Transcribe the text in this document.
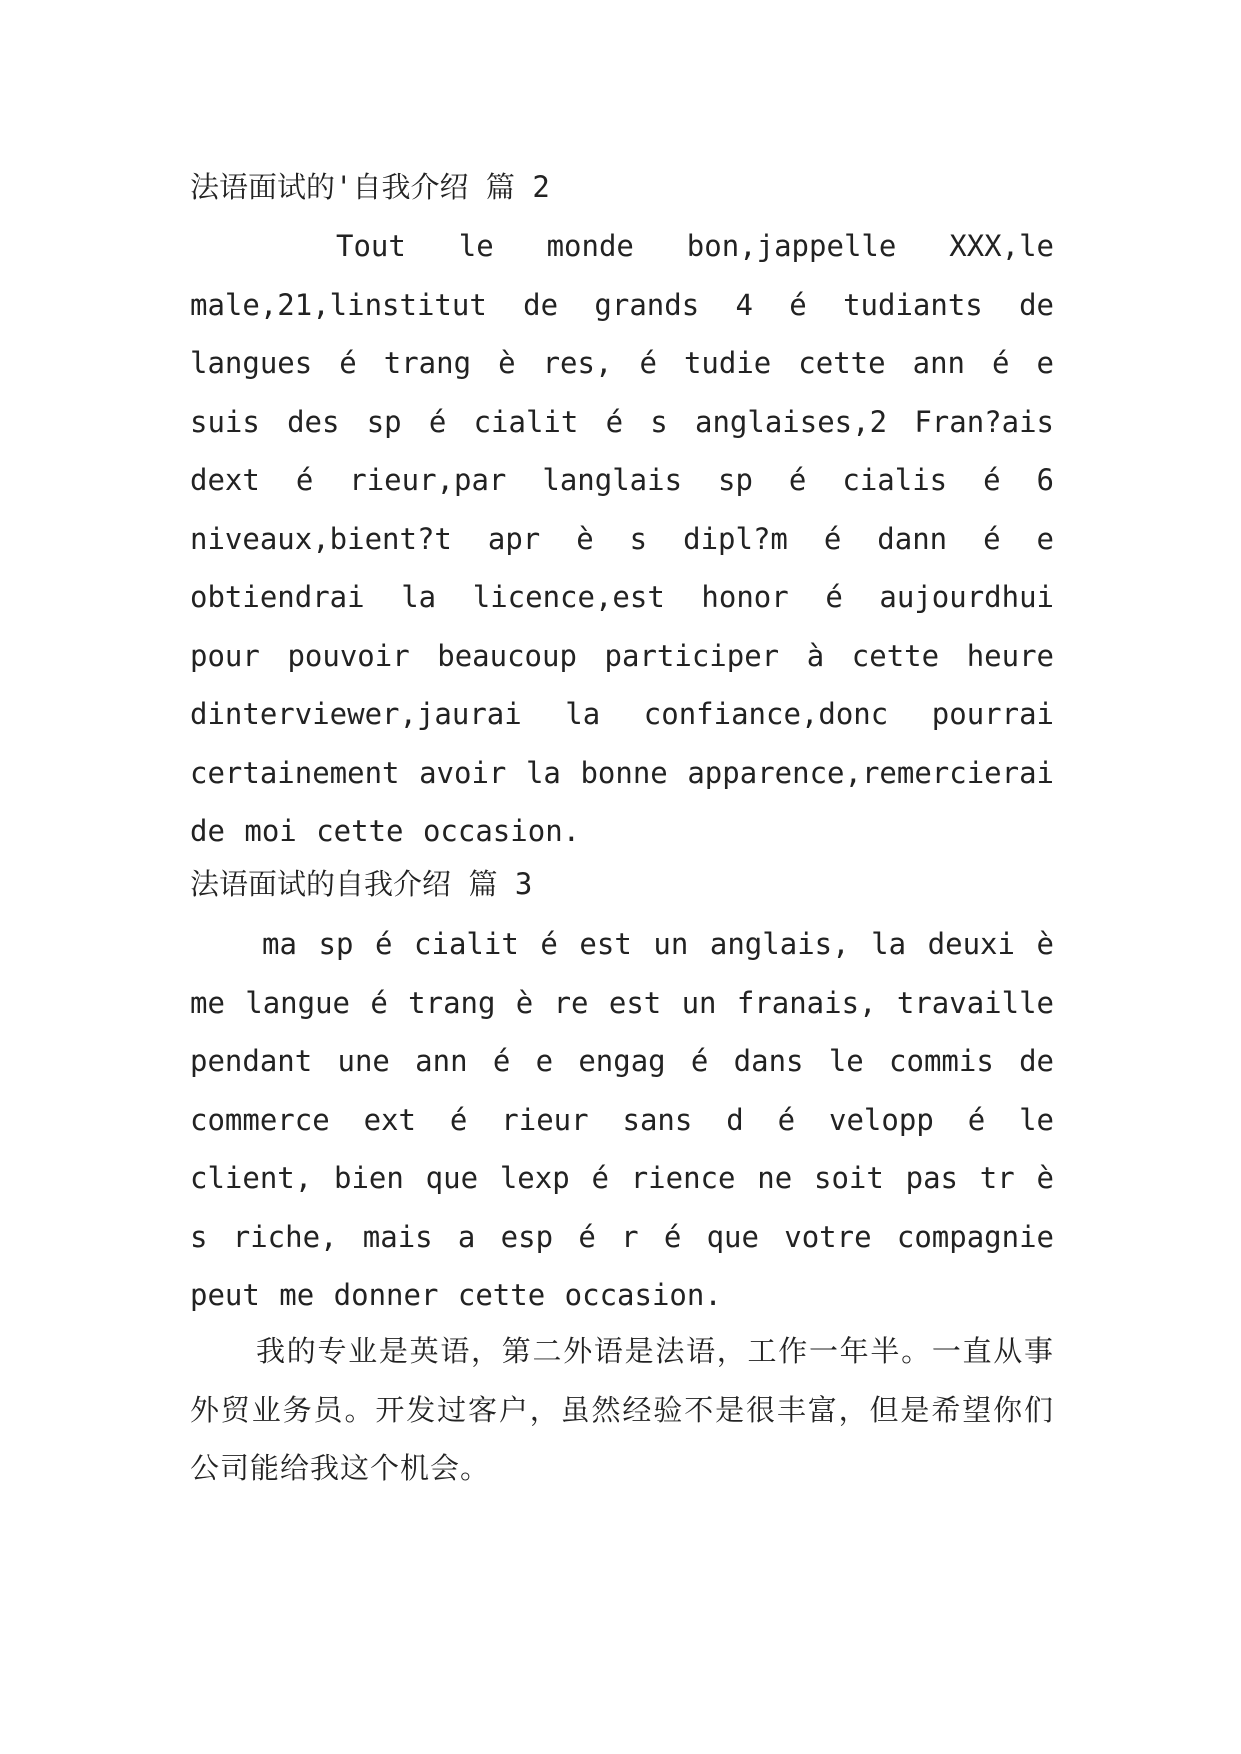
法语面试的'自我介绍 篇 2
Tout le monde bon,jappelle XXX,le male,21,linstitut de grands 4 é tudiants de langues é trang è res, é tudie cette ann é e suis des sp é cialit é s anglaises,2 Fran?ais dext é rieur,par langlais sp é cialis é 6 niveaux,bient?t apr è s dipl?m é dann é e obtiendrai la licence,est honor é aujourdhui pour pouvoir beaucoup participer à cette heure dinterviewer,jaurai la confiance,donc pourrai certainement avoir la bonne apparence,remercierai de moi cette occasion.
法语面试的自我介绍 篇 3
ma sp é cialit é est un anglais, la deuxi è me langue é trang è re est un franais, travaille pendant une ann é e engag é dans le commis de commerce ext é rieur sans d é velopp é le client, bien que lexp é rience ne soit pas tr è s riche, mais a esp é r é que votre compagnie peut me donner cette occasion.
我的专业是英语，第二外语是法语，工作一年半。一直从事外贸业务员。开发过客户，虽然经验不是很丰富，但是希望你们公司能给我这个机会。
